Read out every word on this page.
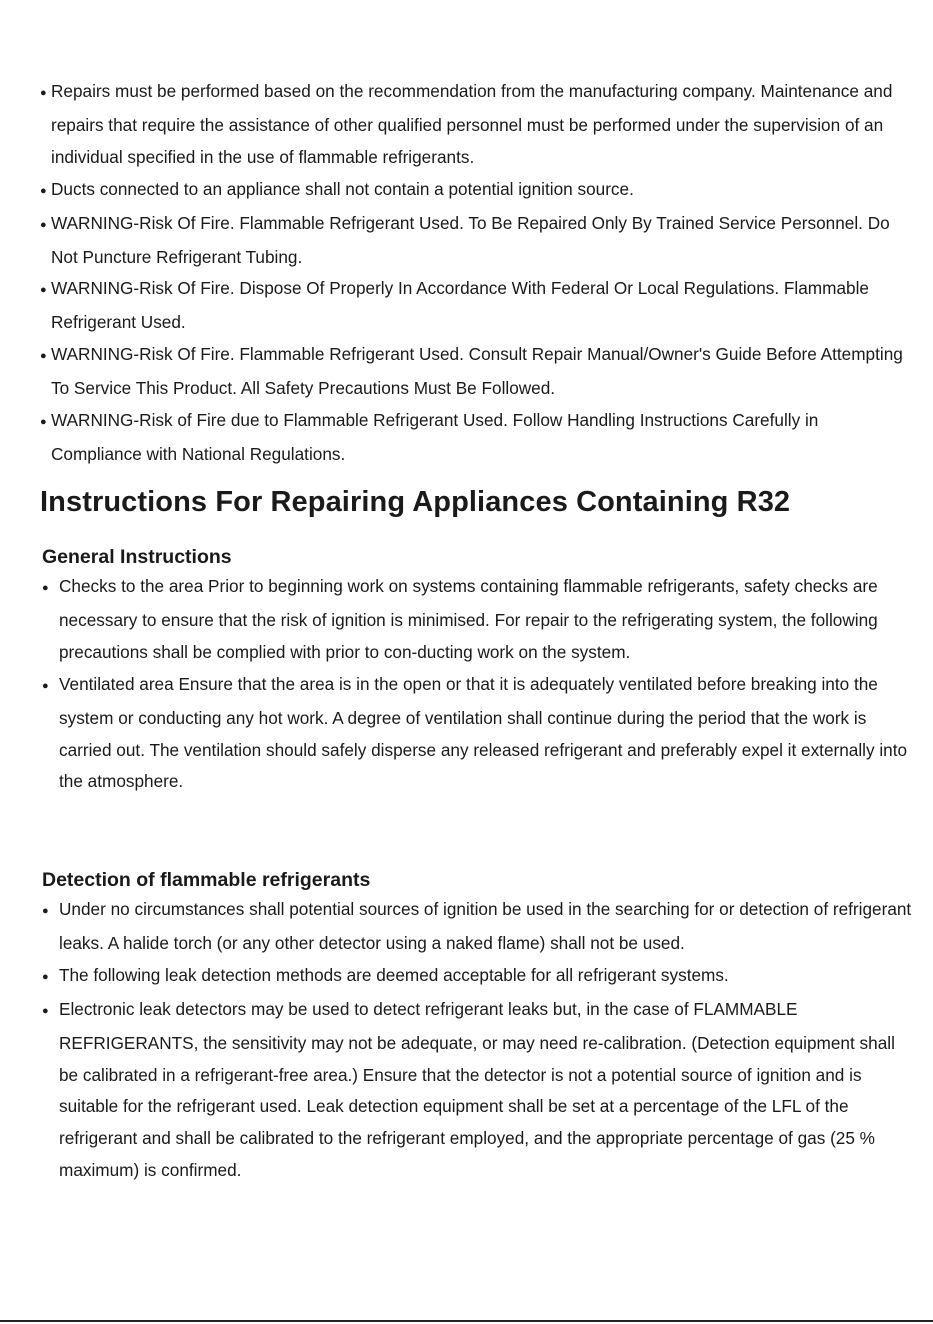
● Repairs must be performed based on the recommendation from the manufacturing company. Maintenance and repairs that require the assistance of other qualified personnel must be performed under the supervision of an individual specified in the use of flammable refrigerants.
● Ducts connected to an appliance shall not contain a potential ignition source.
● WARNING-Risk Of Fire. Flammable Refrigerant Used. To Be Repaired Only By Trained Service Personnel. Do Not Puncture Refrigerant Tubing.
● WARNING-Risk Of Fire. Dispose Of Properly In Accordance With Federal Or Local Regulations. Flammable Refrigerant Used.
● WARNING-Risk Of Fire. Flammable Refrigerant Used. Consult Repair Manual/Owner's Guide Before Attempting To Service This Product. All Safety Precautions Must Be Followed.
● WARNING-Risk of Fire due to Flammable Refrigerant Used. Follow Handling Instructions Carefully in Compliance with National Regulations.
Instructions For Repairing Appliances Containing R32
General Instructions
● Checks to the area Prior to beginning work on systems containing flammable refrigerants, safety checks are necessary to ensure that the risk of ignition is minimised. For repair to the refrigerating system, the following precautions shall be complied with prior to con-ducting work on the system.
● Ventilated area Ensure that the area is in the open or that it is adequately ventilated before breaking into the system or conducting any hot work. A degree of ventilation shall continue during the period that the work is carried out. The ventilation should safely disperse any released refrigerant and preferably expel it externally into the atmosphere.
Detection of flammable refrigerants
● Under no circumstances shall potential sources of ignition be used in the searching for or detection of refrigerant leaks. A halide torch (or any other detector using a naked flame) shall not be used.
● The following leak detection methods are deemed acceptable for all refrigerant systems.
● Electronic leak detectors may be used to detect refrigerant leaks but, in the case of FLAMMABLE REFRIGERANTS, the sensitivity may not be adequate, or may need re-calibration. (Detection equipment shall be calibrated in a refrigerant-free area.) Ensure that the detector is not a potential source of ignition and is suitable for the refrigerant used. Leak detection equipment shall be set at a percentage of the LFL of the refrigerant and shall be calibrated to the refrigerant employed, and the appropriate percentage of gas (25 % maximum) is confirmed.
